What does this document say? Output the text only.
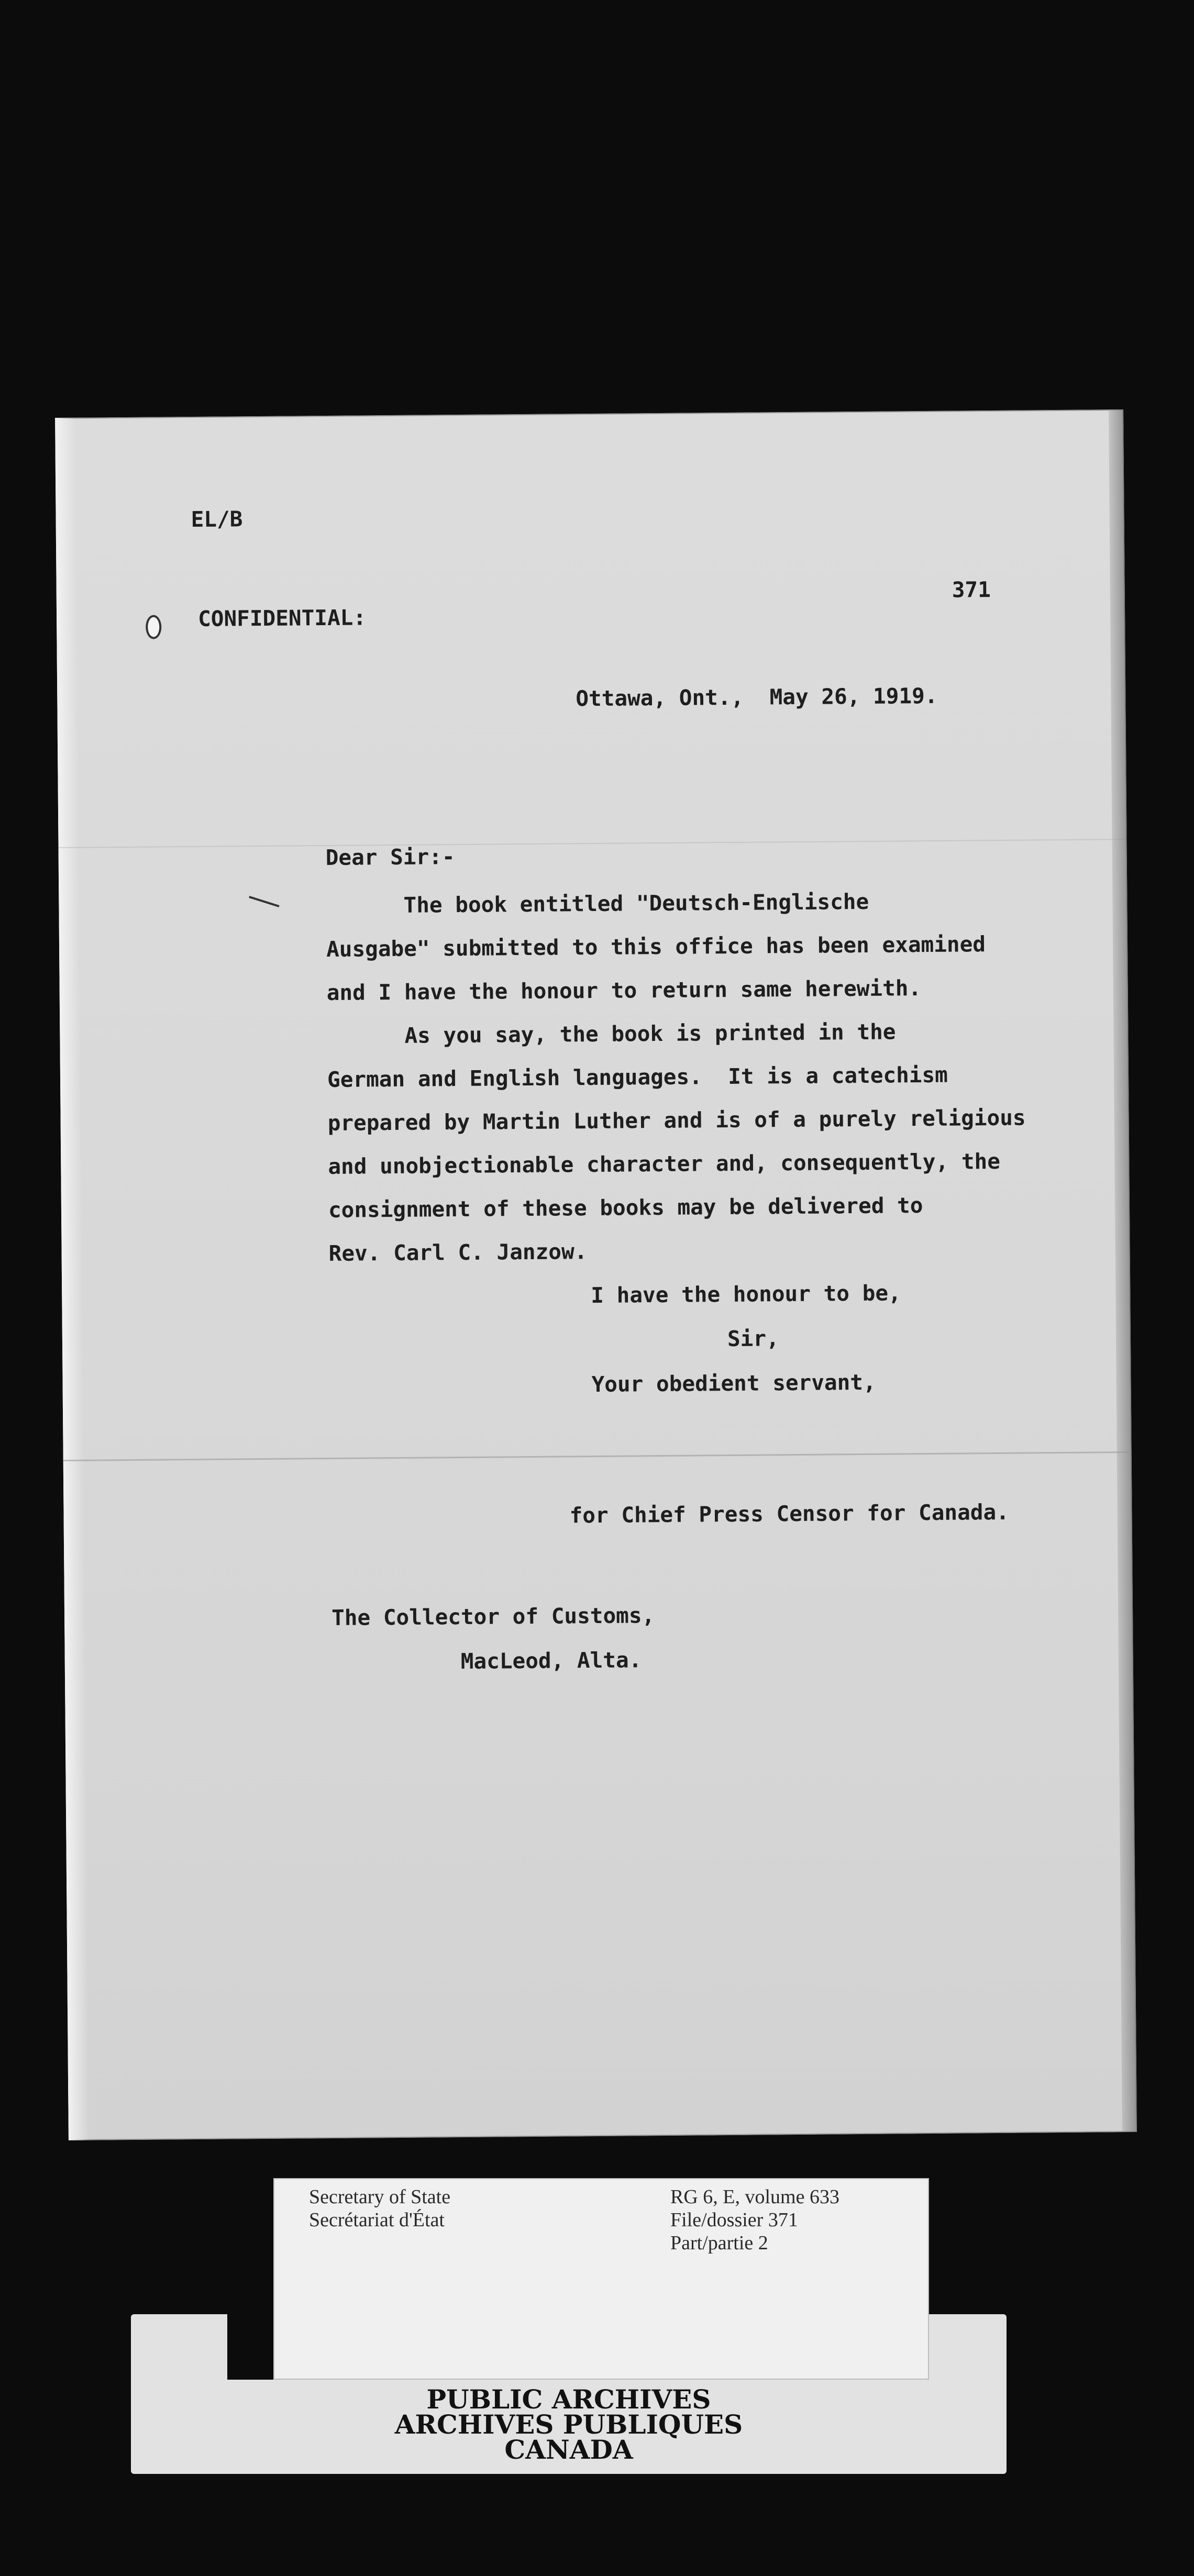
EL/B
371
CONFIDENTIAL:
Ottawa, Ont.,  May 26, 1919.
Dear Sir:-
The book entitled "Deutsch-Englische
Ausgabe" submitted to this office has been examined
and I have the honour to return same herewith.
As you say, the book is printed in the
German and English languages.  It is a catechism
prepared by Martin Luther and is of a purely religious
and unobjectionable character and, consequently, the
consignment of these books may be delivered to
Rev. Carl C. Janzow.
I have the honour to be,
Sir,
Your obedient servant,
for Chief Press Censor for Canada.
The Collector of Customs,
MacLeod, Alta.
Secretary of State
Secrétariat d'État
RG 6, E, volume 633
File/dossier 371
Part/partie 2
PUBLIC ARCHIVES
ARCHIVES PUBLIQUES
CANADA
